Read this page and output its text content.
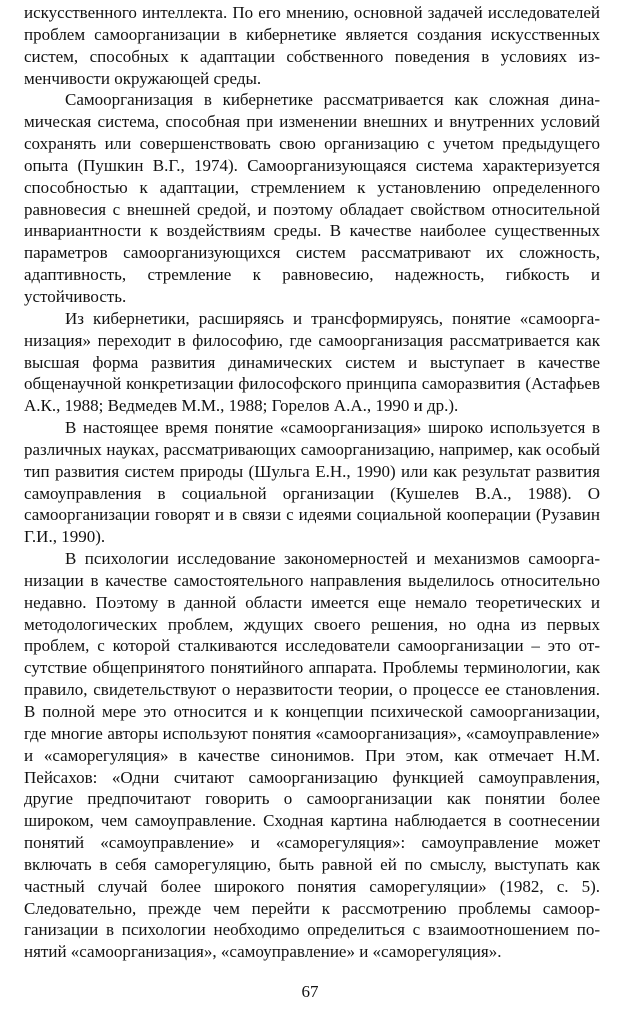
искусственного интеллекта. По его мнению, основной задачей исследователей проблем самоорганизации в кибернетике является создания искусственных систем, способных к адаптации собственного поведения в условиях изменчивости окружающей среды.

Самоорганизация в кибернетике рассматривается как сложная динамическая система, способная при изменении внешних и внутренних условий сохранять или совершенствовать свою организацию с учетом предыдущего опыта (Пушкин В.Г., 1974). Самоорганизующаяся система характеризуется способностью к адаптации, стремлением к установлению определенного равновесия с внешней средой, и поэтому обладает свойством относительной инвариантности к воздействиям среды. В качестве наиболее существенных параметров самоорганизующихся систем рассматривают их сложность, адаптивность, стремление к равновесию, надежность, гибкость и устойчивость.

Из кибернетики, расширяясь и трансформируясь, понятие «самоорганизация» переходит в философию, где самоорганизация рассматривается как высшая форма развития динамических систем и выступает в качестве общенаучной конкретизации философского принципа саморазвития (Астафьев А.К., 1988; Ведмедев М.М., 1988; Горелов А.А., 1990 и др.).

В настоящее время понятие «самоорганизация» широко используется в различных науках, рассматривающих самоорганизацию, например, как особый тип развития систем природы (Шульга Е.Н., 1990) или как результат развития самоуправления в социальной организации (Кушелев В.А., 1988). О самоорганизации говорят и в связи с идеями социальной кооперации (Рузавин Г.И., 1990).

В психологии исследование закономерностей и механизмов самоорганизации в качестве самостоятельного направления выделилось относительно недавно. Поэтому в данной области имеется еще немало теоретических и методологических проблем, ждущих своего решения, но одна из первых проблем, с которой сталкиваются исследователи самоорганизации – это отсутствие общепринятого понятийного аппарата. Проблемы терминологии, как правило, свидетельствуют о неразвитости теории, о процессе ее становления. В полной мере это относится и к концепции психической самоорганизации, где многие авторы используют понятия «самоорганизация», «самоуправление» и «саморегуляция» в качестве синонимов. При этом, как отмечает Н.М. Пейсахов: «Одни считают самоорганизацию функцией самоуправления, другие предпочитают говорить о самоорганизации как понятии более широком, чем самоуправление. Сходная картина наблюдается в соотнесении понятий «самоуправление» и «саморегуляция»: самоуправление может включать в себя саморегуляцию, быть равной ей по смыслу, выступать как частный случай более широкого понятия саморегуляции» (1982, с. 5). Следовательно, прежде чем перейти к рассмотрению проблемы самоорганизации в психологии необходимо определиться с взаимоотношением понятий «самоорганизация», «самоуправление» и «саморегуляция».

67
